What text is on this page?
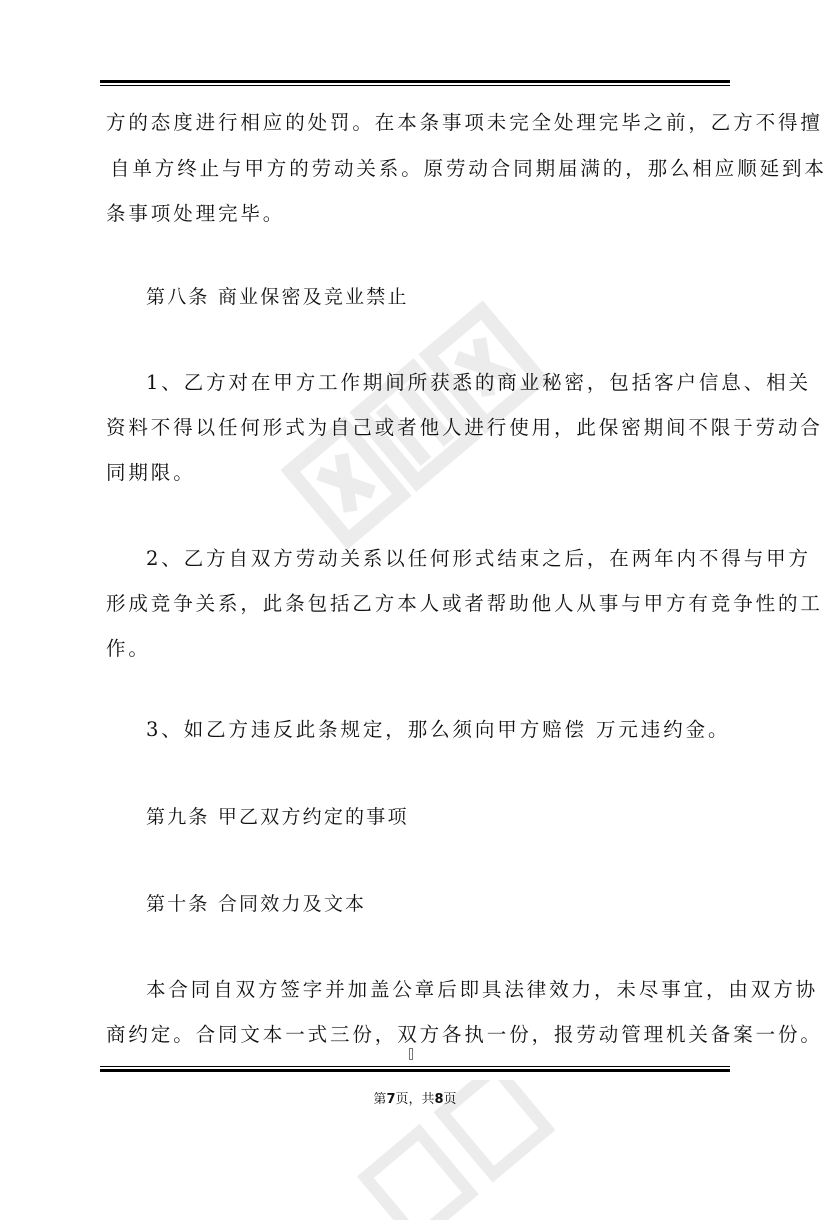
方的态度进行相应的处罚。在本条事项未完全处理完毕之前，乙方不得擅
自单方终止与甲方的劳动关系。原劳动合同期届满的，那么相应顺延到本
条事项处理完毕。
第八条 商业保密及竞业禁止
1、乙方对在甲方工作期间所获悉的商业秘密，包括客户信息、相关
资料不得以任何形式为自己或者他人进行使用，此保密期间不限于劳动合
同期限。
2、乙方自双方劳动关系以任何形式结束之后，在两年内不得与甲方
形成竞争关系，此条包括乙方本人或者帮助他人从事与甲方有竞争性的工
作。
3、如乙方违反此条规定，那么须向甲方赔偿 万元违约金。
第九条 甲乙双方约定的事项
第十条 合同效力及文本
本合同自双方签字并加盖公章后即具法律效力，未尽事宜，由双方协
商约定。合同文本一式三份，双方各执一份，报劳动管理机关备案一份。
第7页，共8页
